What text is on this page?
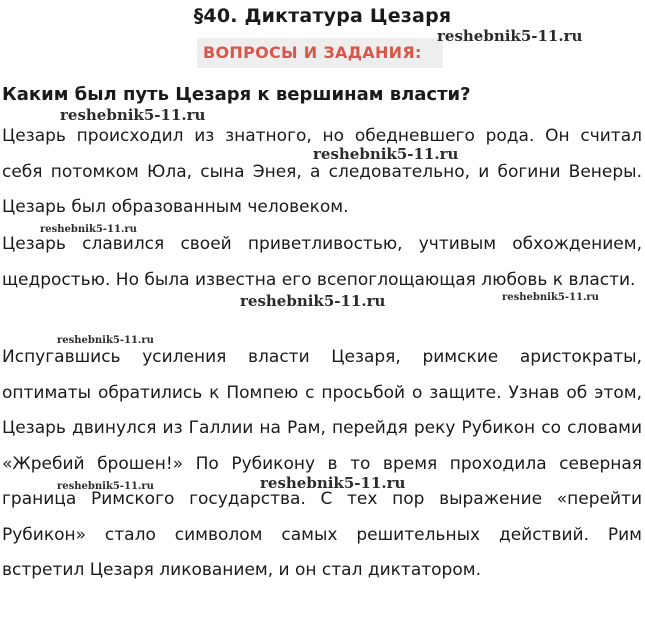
§40. Диктатура Цезаря
ВОПРОСЫ И ЗАДАНИЯ:
Каким был путь Цезаря к вершинам власти?

Цезарь происходил из знатного, но обедневшего рода. Он считал себя потомком Юла, сына Энея, а следовательно, и богини Венеры. Цезарь был образованным человеком.

Цезарь славился своей приветливостью, учтивым обхождением, щедростью. Но была известна его всепоглощающая любовь к власти.

Испугавшись усиления власти Цезаря, римские аристократы, оптиматы обратились к Помпею с просьбой о защите. Узнав об этом, Цезарь двинулся из Галлии на Рам, перейдя реку Рубикон со словами «Жребий брошен!» По Рубикону в то время проходила северная граница Римского государства. С тех пор выражение «перейти Рубикон» стало символом самых решительных действий. Рим встретил Цезаря ликованием, и он стал диктатором.

reshebnik5-11.ru
reshebnik5-11.ru
reshebnik5-11.ru
reshebnik5-11.ru
reshebnik5-11.ru	reshebnik5-11.ru
reshebnik5-11.ru
reshebnik5-11.ru	reshebnik5-11.ru
